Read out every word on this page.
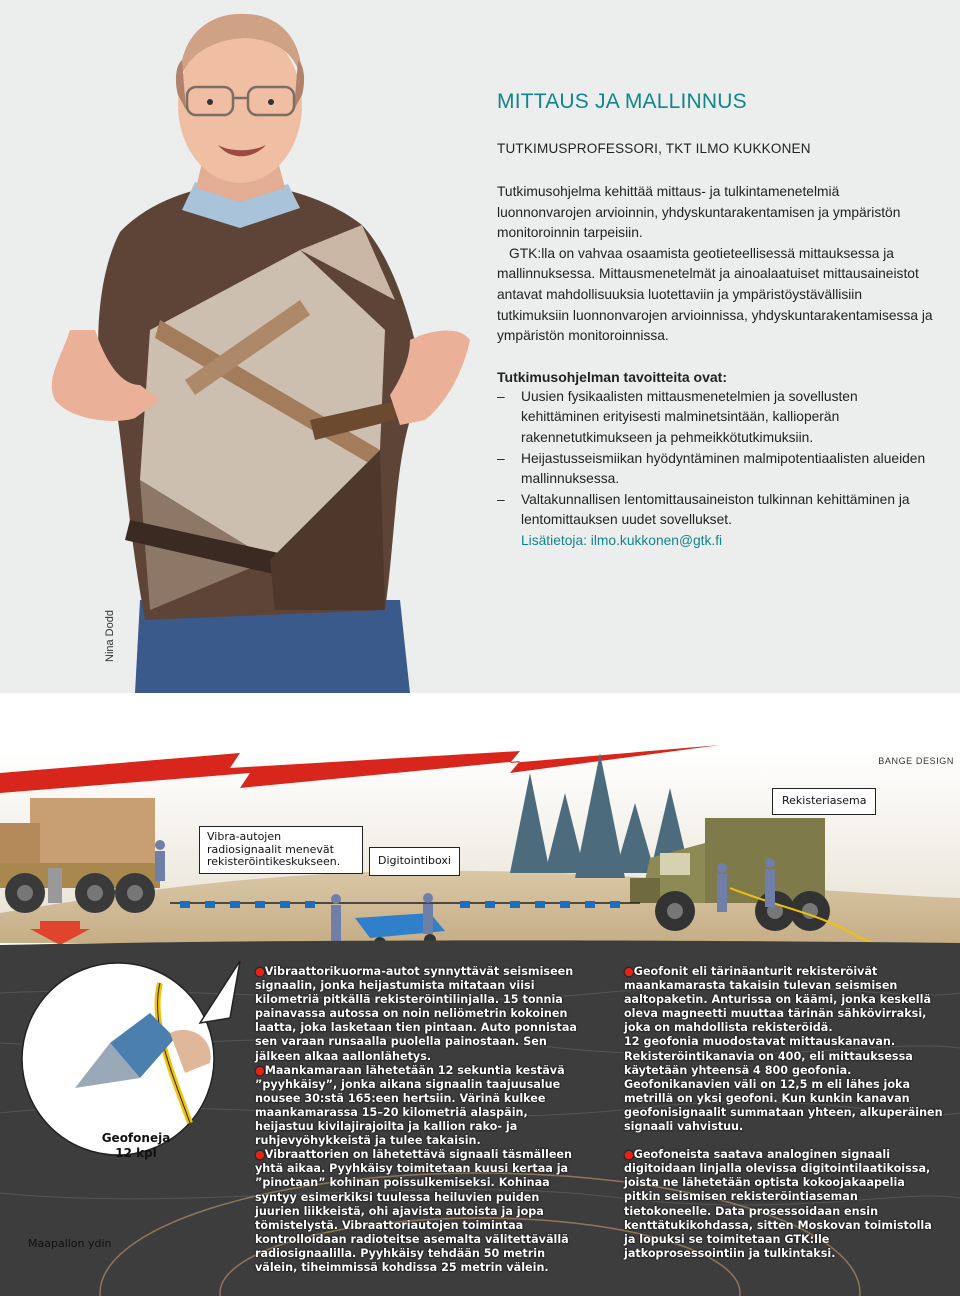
Nina Dodd
MITTAUS JA MALLINNUS
TUTKIMUSPROFESSORI, TKT ILMO KUKKONEN

Tutkimusohjelma kehittää mittaus- ja tulkintamenetelmiä luonnonvarojen arvioinnin, yhdyskuntarakentamisen ja ympäristön monitoroinnin tarpeisiin.

GTK:lla on vahvaa osaamista geotieteellisessä mittauksessa ja mallinnuksessa. Mittausmenetelmät ja ainoalaatuiset mittausaineistot antavat mahdollisuuksia luotettaviin ja ympäristöystävällisiin tutkimuksiin luonnonvarojen arvioinnissa, yhdyskuntarakentamisessa ja ympäristön monitoroinnissa.

Tutkimusohjelman tavoitteita ovat:
– Uusien fysikaalisten mittausmenetelmien ja sovellusten kehittäminen erityisesti malminetsintään, kallioperän rakennetutkimukseen ja pehmeikkötutkimuksiin.
– Heijastusseismiikan hyödyntäminen malmipotentiaalisten alueiden mallinnuksessa.
– Valtakunnallisen lentomittausaineiston tulkinnan kehittäminen ja lentomittauksen uudet sovellukset.
Lisätietoja: ilmo.kukkonen@gtk.fi
BANGE DESIGN
Vibra-autojen radiosignaalit menevät rekisteröintikeskukseen.	Digitointiboxi
Rekisteriasema
Geofoneja 12 kpl
Maapallon ydin

●Vibraattorikuorma-autot synnyttävät seismiseen signaalin, jonka heijastumista mitataan viisi kilometriä pitkällä rekisteröintilinjalla. 15 tonnia painavassa autossa on noin neliömetrin kokoinen laatta, joka lasketaan tien pintaan. Auto ponnistaa sen varaan runsaalla puolella painostaan. Sen jälkeen alkaa aallonlähetys.

●Maankamaraan lähetetään 12 sekuntia kestävä ”pyyhkäisy”, jonka aikana signaalin taajuusalue nousee 30:stä 165:een hertsiin. Värinä kulkee maankamarassa 15–20 kilometriä alaspäin, heijastuu kivilajirajoilta ja kallion rako- ja ruhjevyöhykkeistä ja tulee takaisin.

●Vibraattorien on lähetettävä signaali täsmälleen yhtä aikaa. Pyyhkäisy toimitetaan kuusi kertaa ja ”pinotaan” kohinan poissulkemiseksi. Kohinaa syntyy esimerkiksi tuulessa heiluvien puiden juurien liikkeistä, ohi ajavista autoista ja jopa tömistelystä. Vibraattoriautojen toimintaa kontrolloidaan radioteitse asemalta välitettävällä radiosignaalilla. Pyyhkäisy tehdään 50 metrin välein, tiheimmissä kohdissa 25 metrin välein.

●Geofonit eli tärinäanturit rekisteröivät maankamarasta takaisin tulevan seismisen aaltopaketin. Anturissa on käämi, jonka keskellä oleva magneetti muuttaa tärinän sähkövirraksi, joka on mahdollista rekisteröidä.

12 geofonia muodostavat mittauskanavan. Rekisteröintikanavia on 400, eli mittauksessa käytetään yhteensä 4 800 geofonia. Geofonikanavien väli on 12,5 m eli lähes joka metrillä on yksi geofoni. Kun kunkin kanavan geofonisignaalit summataan yhteen, alkuperäinen signaali vahvistuu.

●Geofoneista saatava analoginen signaali digitoidaan linjalla olevissa digitointilaatikoissa, joista ne lähetetään optista kokoojakaapelia pitkin seismisen rekisteröintiaseman tietokoneelle. Data prosessoidaan ensin kenttätukikohdassa, sitten Moskovan toimistolla ja lopuksi se toimitetaan GTK:lle jatkoprosessointiin ja tulkintaksi.
